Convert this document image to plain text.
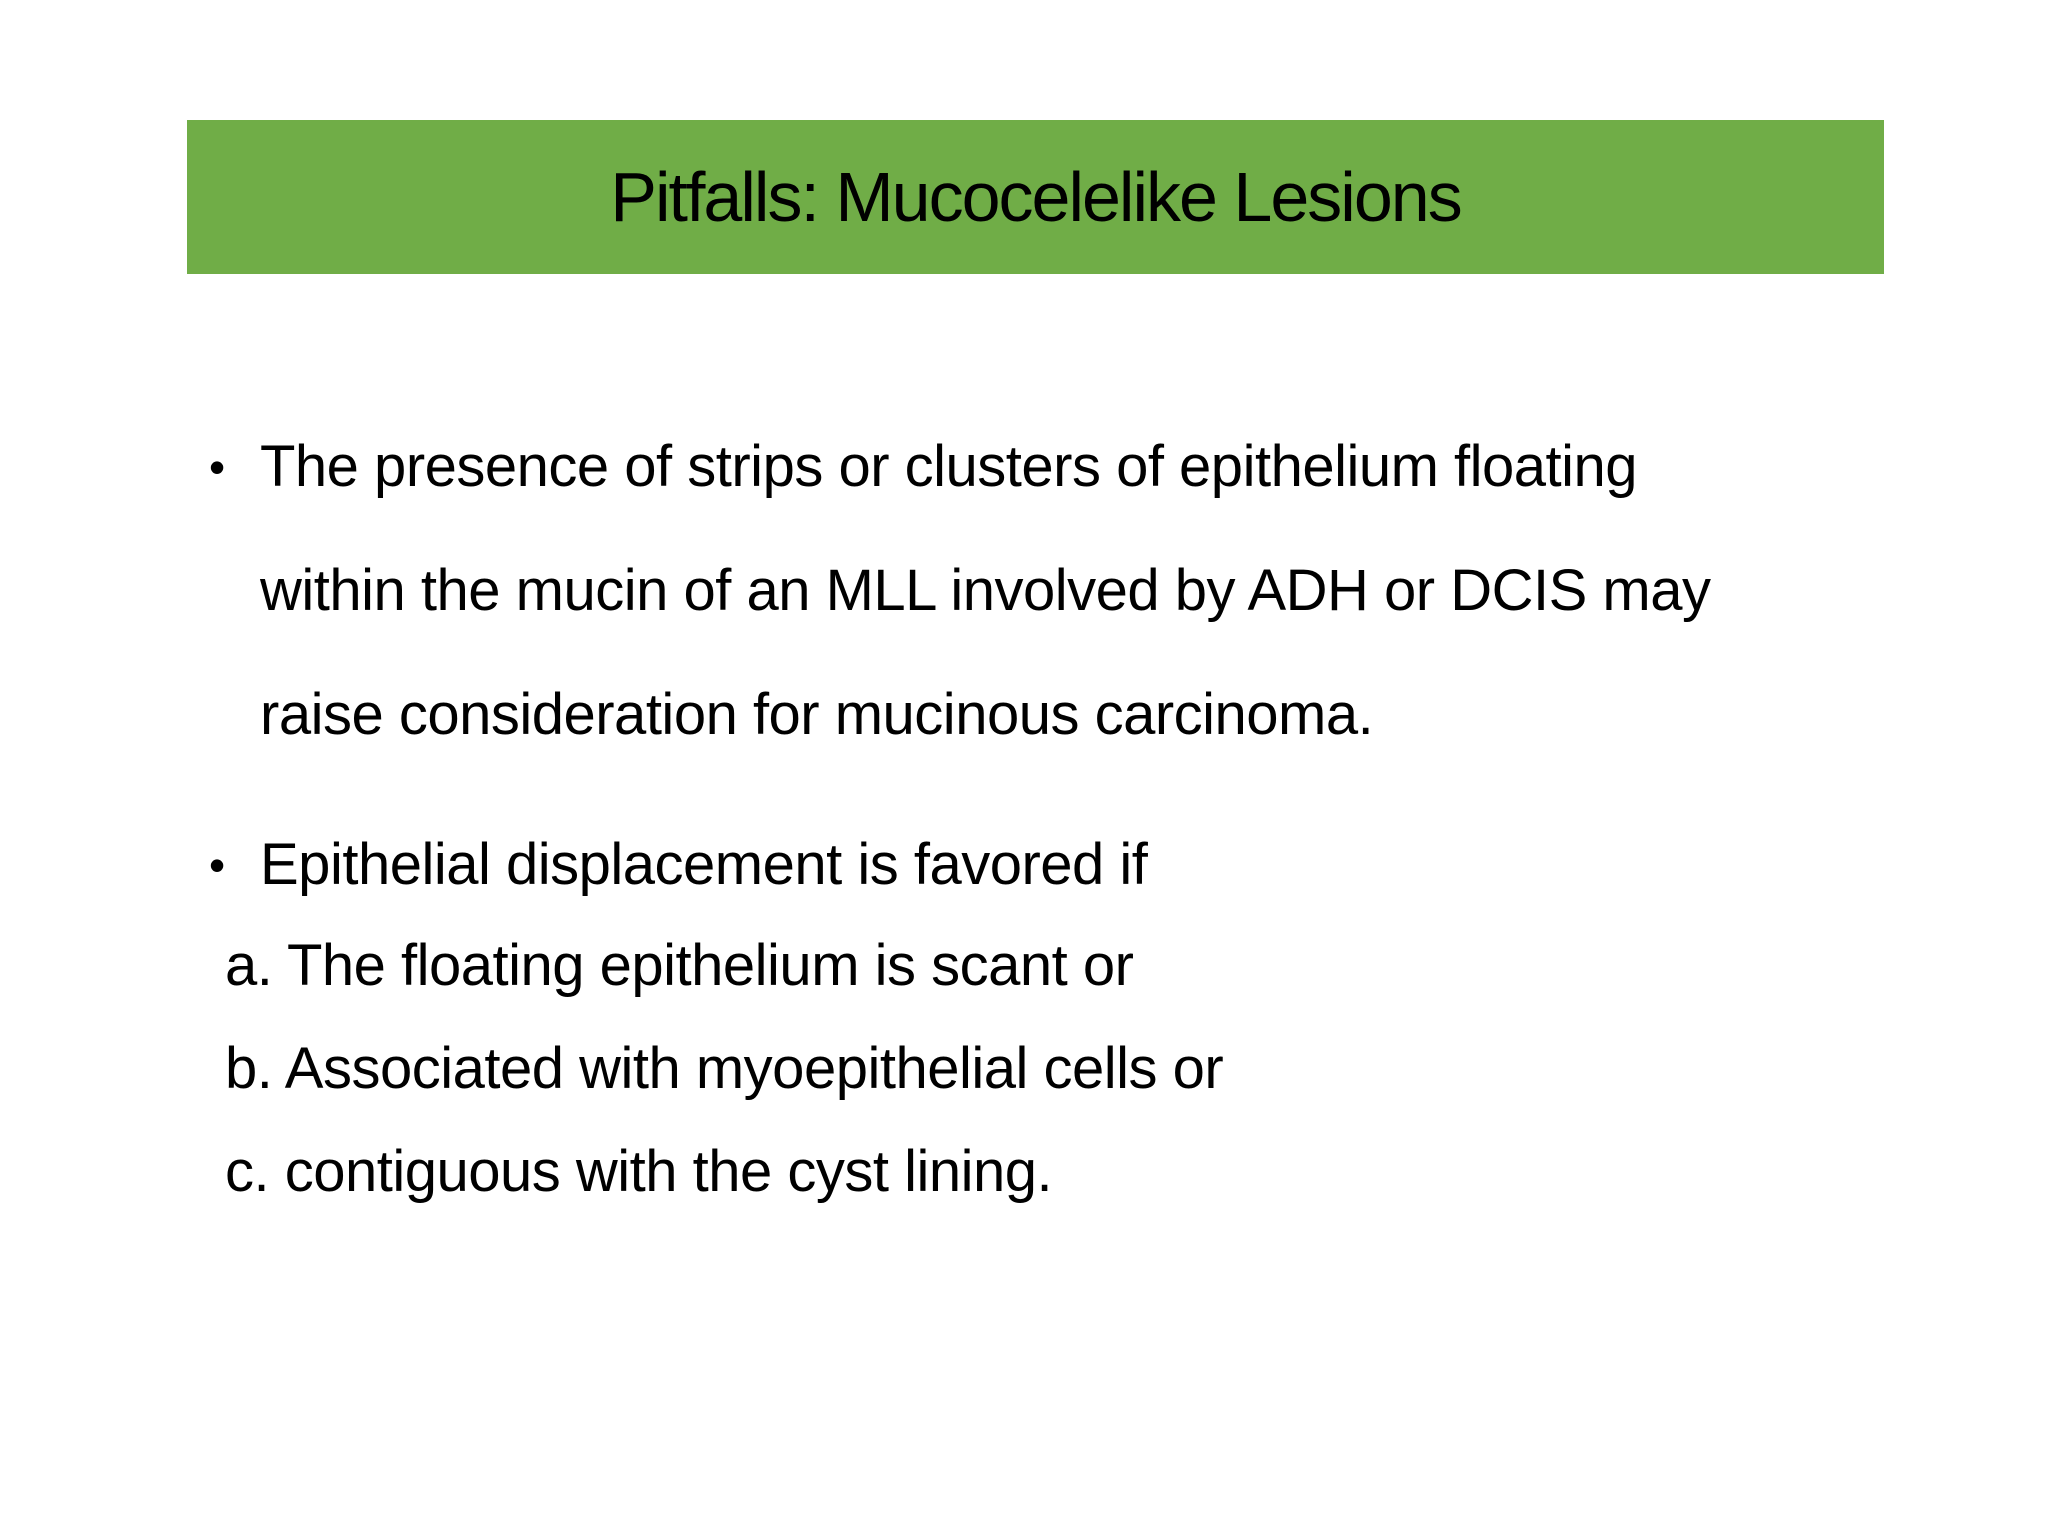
Pitfalls: Mucocelelike Lesions
• The presence of strips or clusters of epithelium floating
within the mucin of an MLL involved by ADH or DCIS may
raise consideration for mucinous carcinoma.
• Epithelial displacement is favored if
a. The floating epithelium is scant or
b. Associated with myoepithelial cells or
c. contiguous with the cyst lining.
